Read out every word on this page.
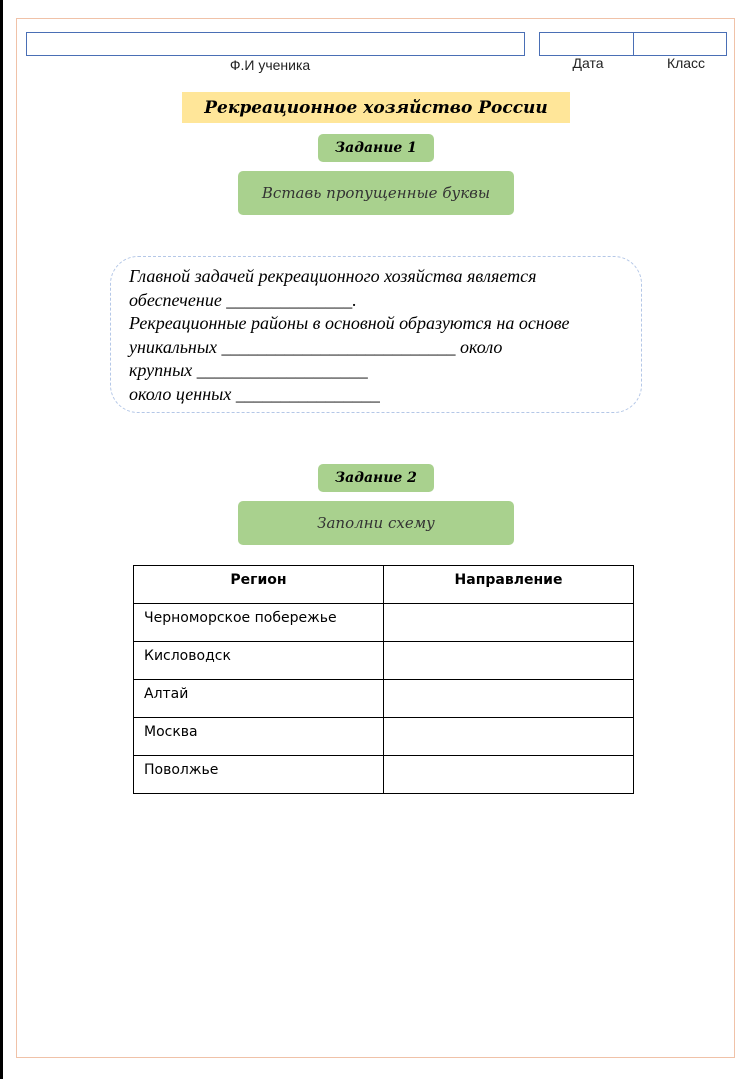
Ф.И ученика	Дата	Класс
Рекреационное хозяйство России
Задание 1
Вставь пропущенные буквы
Главной задачей рекреационного хозяйства является
обеспечение ______________.
Рекреационные районы в основной образуются на основе
уникальных __________________________ около
крупных ___________________
около ценных ________________
Задание 2
Заполни схему
Регион	Направление
Черноморское побережье	
Кисловодск	
Алтай	
Москва	
Поволжье	
